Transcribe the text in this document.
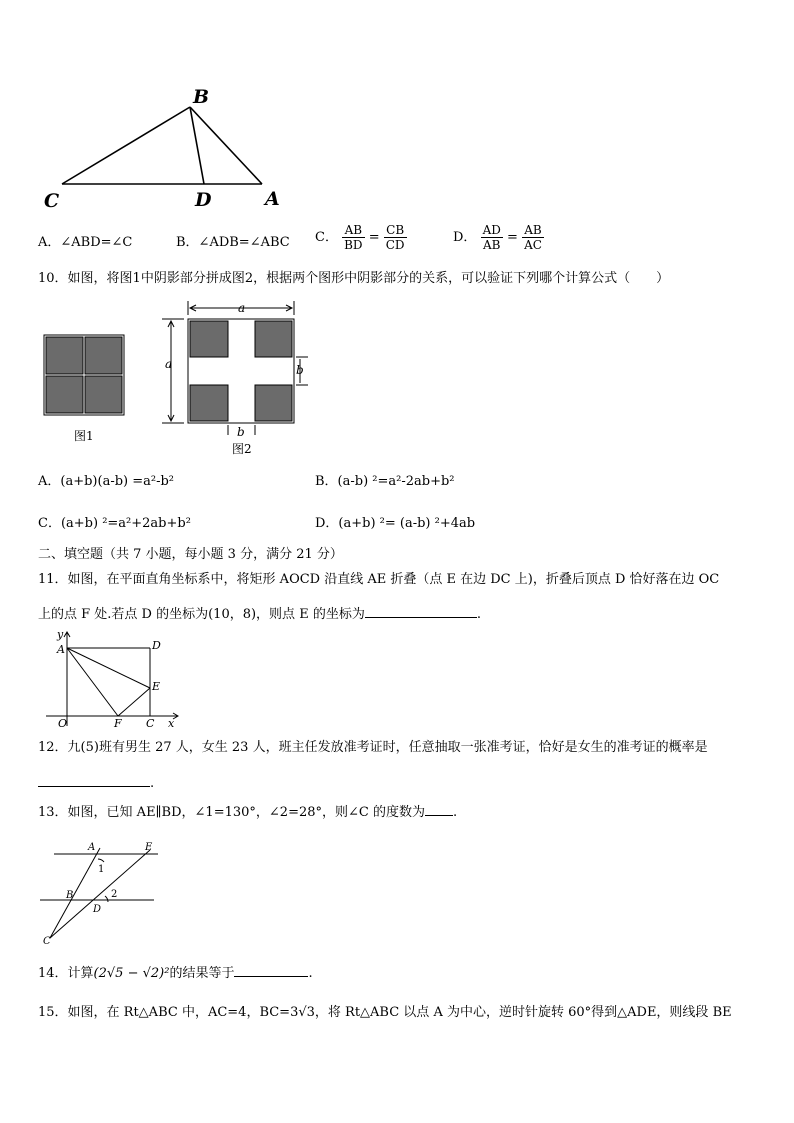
B
C	D	A
A．∠ABD=∠C	B．∠ADB=∠ABC C． $\frac{AB}{BD} = \frac{CB}{CD}$	D． $\frac{AD}{AB} = \frac{AB}{AC}$
10．如图，将图1中阴影部分拼成图2，根据两个图形中阴影部分的关系，可以验证下列哪个计算公式（　　）
图1
a
a	b
b
图2
A．(a+b)(a-b) =a²-b²	B．(a-b) ²=a²-2ab+b²
C．(a+b) ²=a²+2ab+b²	D．(a+b) ²= (a-b) ²+4ab
二、填空题（共 7 小题，每小题 3 分，满分 21 分）
11．如图，在平面直角坐标系中，将矩形 AOCD 沿直线 AE 折叠（点 E 在边 DC 上)，折叠后顶点 D 恰好落在边 OC
上的点 F 处.若点 D 的坐标为(10，8)，则点 E 的坐标为	.
y
x
A	D
E
O	F C
12．九(5)班有男生 27 人，女生 23 人，班主任发放准考证时，任意抽取一张准考证，恰好是女生的准考证的概率是
.
13．如图，已知 AE∥BD，∠1=130°，∠2=28°，则∠C 的度数为 .
A	E
B
D
C
1
2
14．计算(2√5 − √2)²的结果等于	.
15．如图，在 Rt△ABC 中，AC=4，BC=3√3，将 Rt△ABC 以点 A 为中心，逆时针旋转 60°得到△ADE，则线段 BE
